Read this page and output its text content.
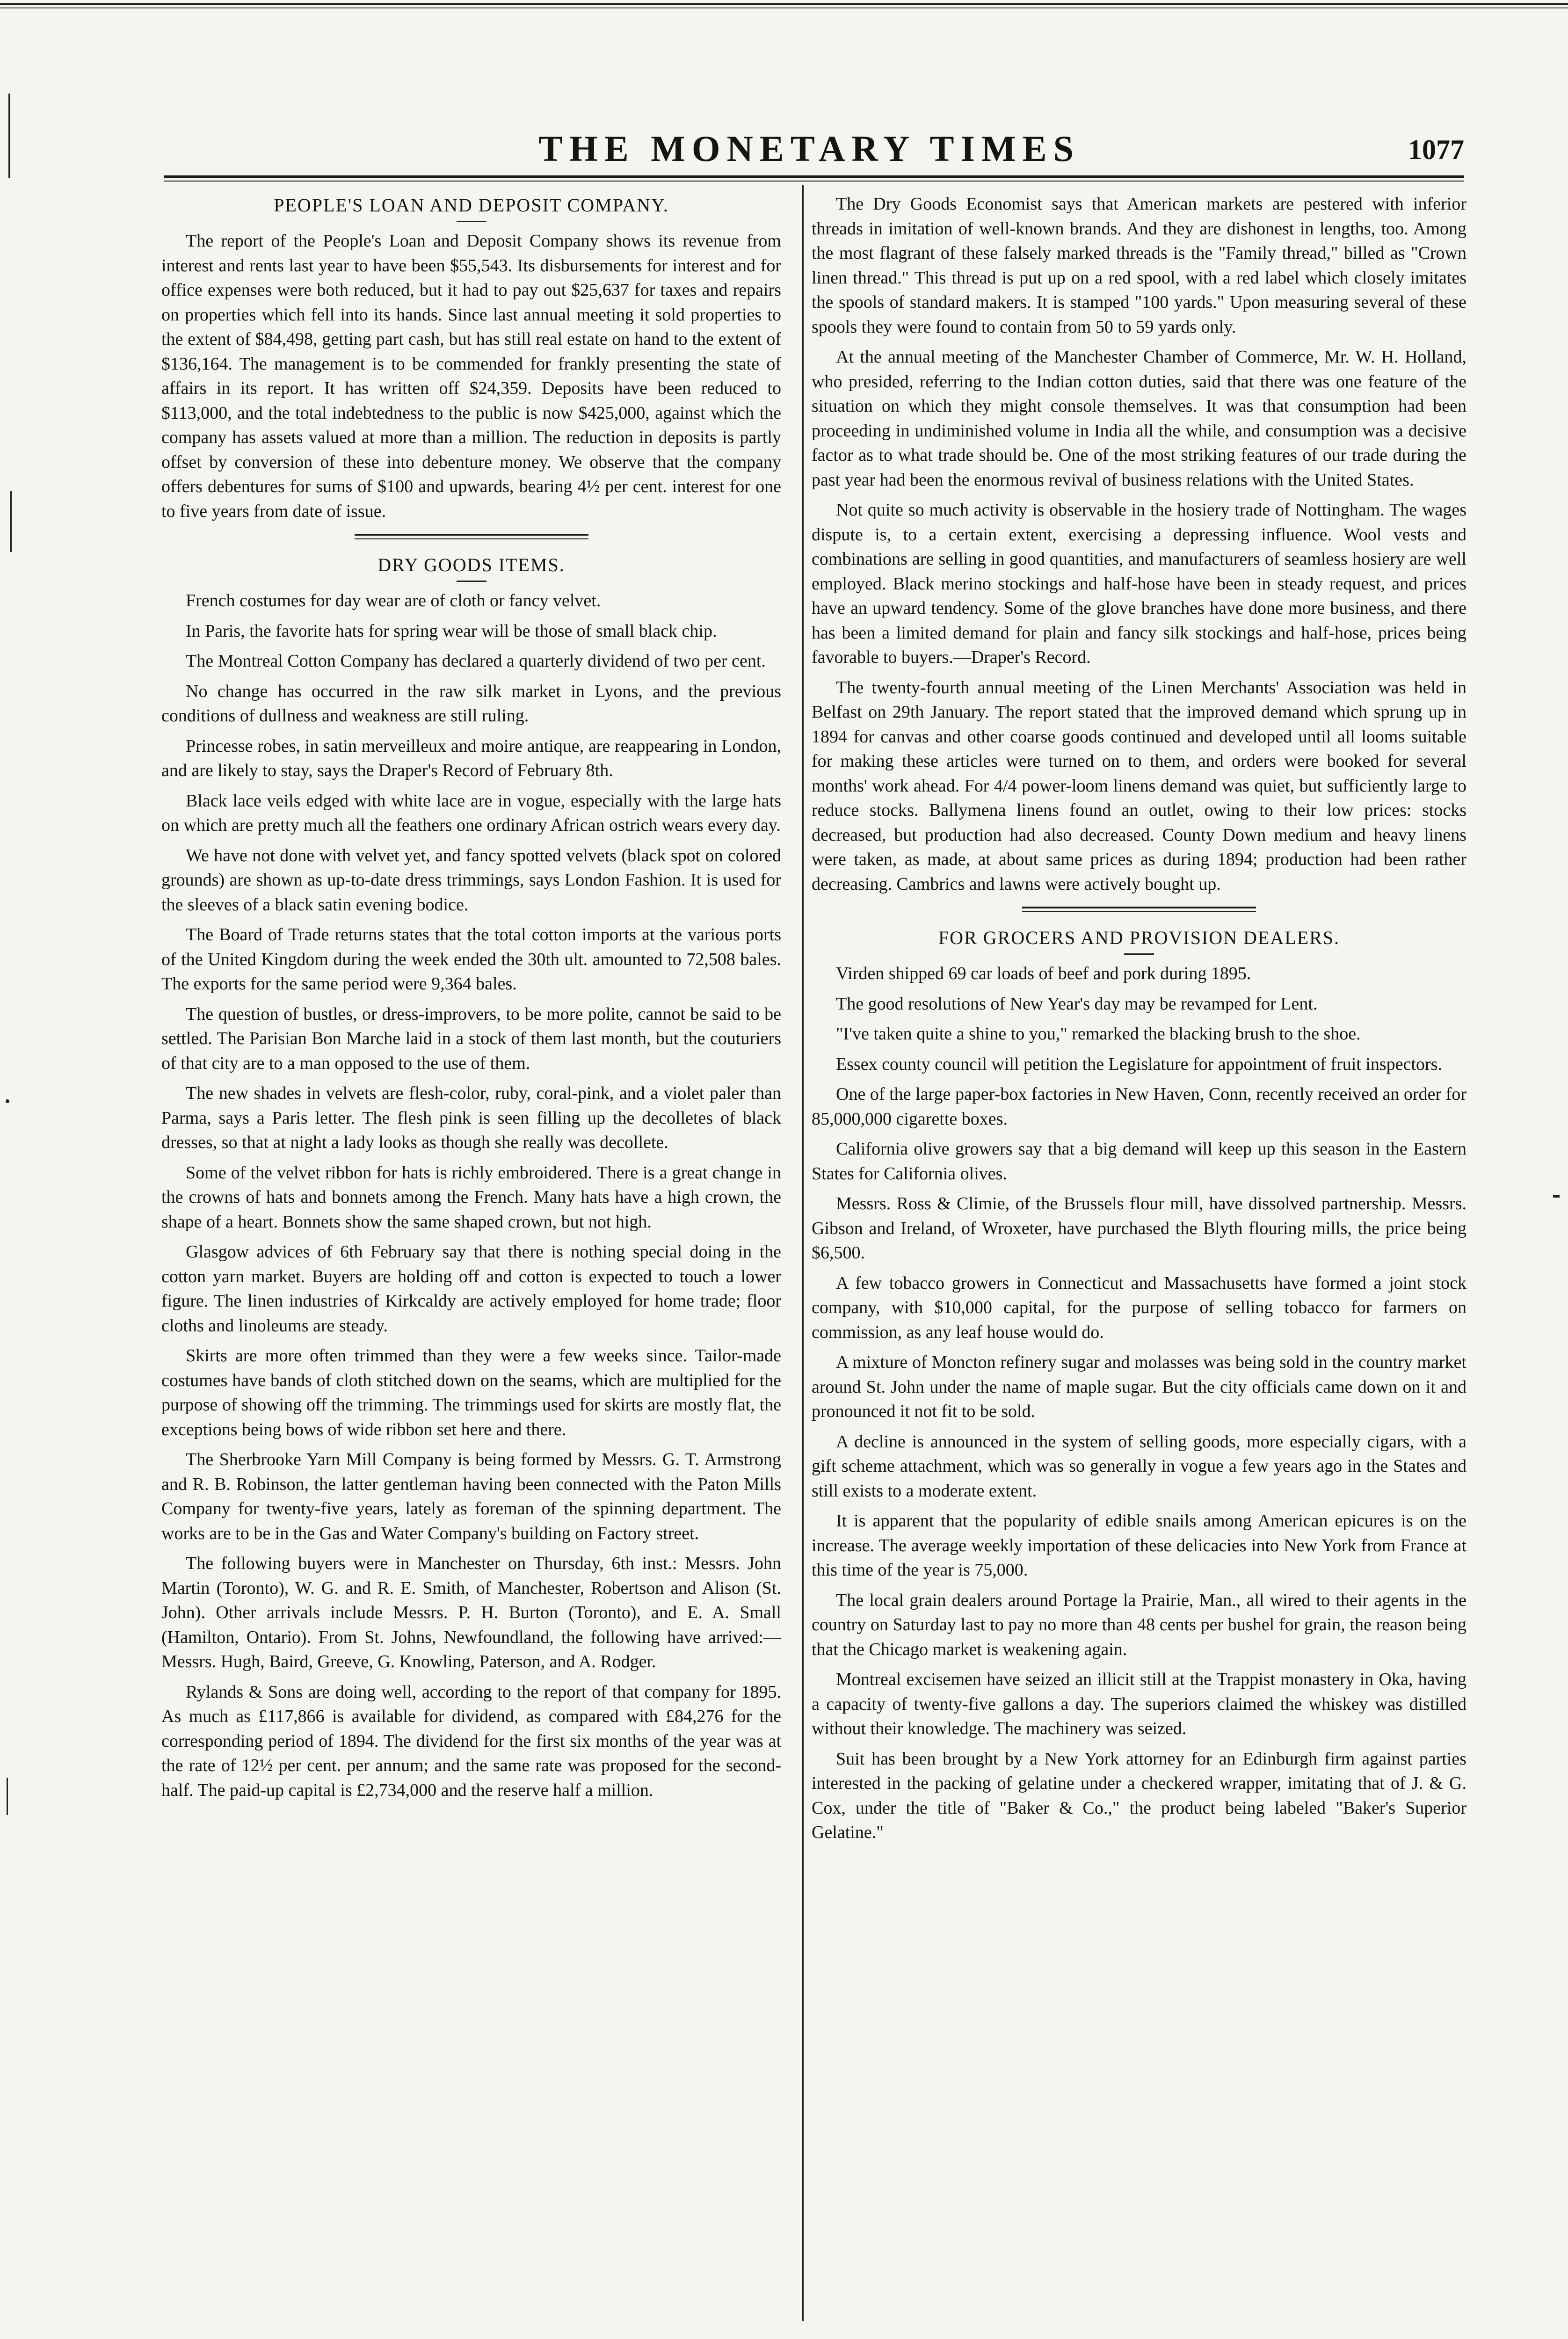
THE MONETARY TIMES	1077
PEOPLE'S LOAN AND DEPOSIT COMPANY.

The report of the People's Loan and Deposit Company shows its revenue from interest and rents last year to have been $55,543. Its disbursements for interest and for office expenses were both reduced, but it had to pay out $25,637 for taxes and repairs on properties which fell into its hands. Since last annual meeting it sold properties to the extent of $84,498, getting part cash, but has still real estate on hand to the extent of $136,164. The management is to be commended for frankly presenting the state of affairs in its report. It has written off $24,359. Deposits have been reduced to $113,000, and the total indebtedness to the public is now $425,000, against which the company has assets valued at more than a million. The reduction in deposits is partly offset by conversion of these into debenture money. We observe that the company offers debentures for sums of $100 and upwards, bearing 4½ per cent. interest for one to five years from date of issue.

DRY GOODS ITEMS.

French costumes for day wear are of cloth or fancy velvet.

In Paris, the favorite hats for spring wear will be those of small black chip.

The Montreal Cotton Company has declared a quarterly dividend of two per cent.

No change has occurred in the raw silk market in Lyons, and the previous conditions of dullness and weakness are still ruling.

Princesse robes, in satin merveilleux and moire antique, are reappearing in London, and are likely to stay, says the Draper's Record of February 8th.

Black lace veils edged with white lace are in vogue, especially with the large hats on which are pretty much all the feathers one ordinary African ostrich wears every day.

We have not done with velvet yet, and fancy spotted velvets (black spot on colored grounds) are shown as up-to-date dress trimmings, says London Fashion. It is used for the sleeves of a black satin evening bodice.

The Board of Trade returns states that the total cotton imports at the various ports of the United Kingdom during the week ended the 30th ult. amounted to 72,508 bales. The exports for the same period were 9,364 bales.

The question of bustles, or dress-improvers, to be more polite, cannot be said to be settled. The Parisian Bon Marche laid in a stock of them last month, but the couturiers of that city are to a man opposed to the use of them.

The new shades in velvets are flesh-color, ruby, coral-pink, and a violet paler than Parma, says a Paris letter. The flesh pink is seen filling up the decolletes of black dresses, so that at night a lady looks as though she really was decollete.

Some of the velvet ribbon for hats is richly embroidered. There is a great change in the crowns of hats and bonnets among the French. Many hats have a high crown, the shape of a heart. Bonnets show the same shaped crown, but not high.

Glasgow advices of 6th February say that there is nothing special doing in the cotton yarn market. Buyers are holding off and cotton is expected to touch a lower figure. The linen industries of Kirkcaldy are actively employed for home trade; floor cloths and linoleums are steady.

Skirts are more often trimmed than they were a few weeks since. Tailor-made costumes have bands of cloth stitched down on the seams, which are multiplied for the purpose of showing off the trimming. The trimmings used for skirts are mostly flat, the exceptions being bows of wide ribbon set here and there.

The Sherbrooke Yarn Mill Company is being formed by Messrs. G. T. Armstrong and R. B. Robinson, the latter gentleman having been connected with the Paton Mills Company for twenty-five years, lately as foreman of the spinning department. The works are to be in the Gas and Water Company's building on Factory street.

The following buyers were in Manchester on Thursday, 6th inst.: Messrs. John Martin (Toronto), W. G. and R. E. Smith, of Manchester, Robertson and Alison (St. John). Other arrivals include Messrs. P. H. Burton (Toronto), and E. A. Small (Hamilton, Ontario). From St. Johns, Newfoundland, the following have arrived:—Messrs. Hugh, Baird, Greeve, G. Knowling, Paterson, and A. Rodger.

Rylands & Sons are doing well, according to the report of that company for 1895. As much as £117,866 is available for dividend, as compared with £84,276 for the corresponding period of 1894. The dividend for the first six months of the year was at the rate of 12½ per cent. per annum; and the same rate was proposed for the second-half. The paid-up capital is £2,734,000 and the reserve half a million.

The Dry Goods Economist says that American markets are pestered with inferior threads in imitation of well-known brands. And they are dishonest in lengths, too. Among the most flagrant of these falsely marked threads is the "Family thread," billed as "Crown linen thread." This thread is put up on a red spool, with a red label which closely imitates the spools of standard makers. It is stamped "100 yards." Upon measuring several of these spools they were found to contain from 50 to 59 yards only.

At the annual meeting of the Manchester Chamber of Commerce, Mr. W. H. Holland, who presided, referring to the Indian cotton duties, said that there was one feature of the situation on which they might console themselves. It was that consumption had been proceeding in undiminished volume in India all the while, and consumption was a decisive factor as to what trade should be. One of the most striking features of our trade during the past year had been the enormous revival of business relations with the United States.

Not quite so much activity is observable in the hosiery trade of Nottingham. The wages dispute is, to a certain extent, exercising a depressing influence. Wool vests and combinations are selling in good quantities, and manufacturers of seamless hosiery are well employed. Black merino stockings and half-hose have been in steady request, and prices have an upward tendency. Some of the glove branches have done more business, and there has been a limited demand for plain and fancy silk stockings and half-hose, prices being favorable to buyers.—Draper's Record.

The twenty-fourth annual meeting of the Linen Merchants' Association was held in Belfast on 29th January. The report stated that the improved demand which sprung up in 1894 for canvas and other coarse goods continued and developed until all looms suitable for making these articles were turned on to them, and orders were booked for several months' work ahead. For 4/4 power-loom linens demand was quiet, but sufficiently large to reduce stocks. Ballymena linens found an outlet, owing to their low prices: stocks decreased, but production had also decreased. County Down medium and heavy linens were taken, as made, at about same prices as during 1894; production had been rather decreasing. Cambrics and lawns were actively bought up.

FOR GROCERS AND PROVISION DEALERS.

Virden shipped 69 car loads of beef and pork during 1895.

The good resolutions of New Year's day may be revamped for Lent.

"I've taken quite a shine to you," remarked the blacking brush to the shoe.

Essex county council will petition the Legislature for appointment of fruit inspectors.

One of the large paper-box factories in New Haven, Conn, recently received an order for 85,000,000 cigarette boxes.

California olive growers say that a big demand will keep up this season in the Eastern States for California olives.

Messrs. Ross & Climie, of the Brussels flour mill, have dissolved partnership. Messrs. Gibson and Ireland, of Wroxeter, have purchased the Blyth flouring mills, the price being $6,500.

A few tobacco growers in Connecticut and Massachusetts have formed a joint stock company, with $10,000 capital, for the purpose of selling tobacco for farmers on commission, as any leaf house would do.

A mixture of Moncton refinery sugar and molasses was being sold in the country market around St. John under the name of maple sugar. But the city officials came down on it and pronounced it not fit to be sold.

A decline is announced in the system of selling goods, more especially cigars, with a gift scheme attachment, which was so generally in vogue a few years ago in the States and still exists to a moderate extent.

It is apparent that the popularity of edible snails among American epicures is on the increase. The average weekly importation of these delicacies into New York from France at this time of the year is 75,000.

The local grain dealers around Portage la Prairie, Man., all wired to their agents in the country on Saturday last to pay no more than 48 cents per bushel for grain, the reason being that the Chicago market is weakening again.

Montreal excisemen have seized an illicit still at the Trappist monastery in Oka, having a capacity of twenty-five gallons a day. The superiors claimed the whiskey was distilled without their knowledge. The machinery was seized.

Suit has been brought by a New York attorney for an Edinburgh firm against parties interested in the packing of gelatine under a checkered wrapper, imitating that of J. & G. Cox, under the title of "Baker & Co.," the product being labeled "Baker's Superior Gelatine."
